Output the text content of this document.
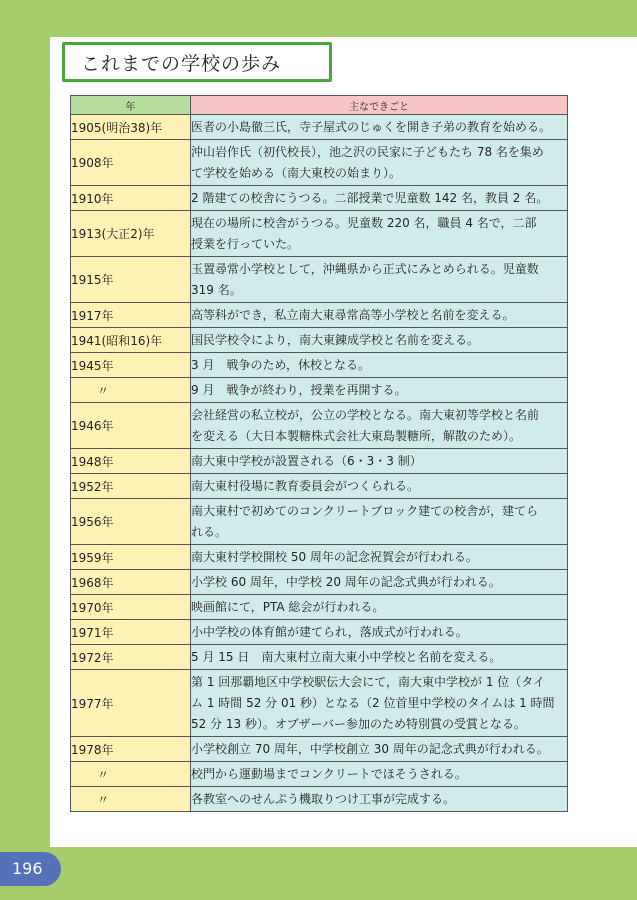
これまでの学校の歩み
年	主なできごと
1905(明治38)年	医者の小島徹三氏，寺子屋式のじゅくを開き子弟の教育を始める。

1908年	沖山岩作氏（初代校長），池之沢の民家に子どもたち 78 名を集め
て学校を始める（南大東校の始まり）。

1910年	2 階建ての校舎にうつる。二部授業で児童数 142 名，教員 2 名。

1913(大正2)年	現在の場所に校舎がうつる。児童数 220 名，職員 4 名で，二部
授業を行っていた。

1915年	玉置尋常小学校として，沖縄県から正式にみとめられる。児童数
319 名。

1917年	高等科ができ，私立南大東尋常高等小学校と名前を変える。

1941(昭和16)年	国民学校令により，南大東錬成学校と名前を変える。

1945年	3 月　戦争のため，休校となる。

〃	9 月　戦争が終わり，授業を再開する。

1946年	会社経営の私立校が，公立の学校となる。南大東初等学校と名前
を変える（大日本製糖株式会社大東島製糖所，解散のため）。

1948年	南大東中学校が設置される（6・3・3 制）

1952年	南大東村役場に教育委員会がつくられる。

1956年	南大東村で初めてのコンクリートブロック建ての校舎が，建てら
れる。

1959年	南大東村学校開校 50 周年の記念祝賀会が行われる。

1968年	小学校 60 周年，中学校 20 周年の記念式典が行われる。

1970年	映画館にて，PTA 総会が行われる。

1971年	小中学校の体育館が建てられ，落成式が行われる。

1972年	5 月 15 日　南大東村立南大東小中学校と名前を変える。

1977年	第 1 回那覇地区中学校駅伝大会にて，南大東中学校が 1 位（タイ
ム 1 時間 52 分 01 秒）となる（2 位首里中学校のタイムは 1 時間
52 分 13 秒）。オブザーバー参加のため特別賞の受賞となる。

1978年	小学校創立 70 周年，中学校創立 30 周年の記念式典が行われる。

〃	校門から運動場までコンクリートでほそうされる。

〃	各教室へのせんぷう機取りつけ工事が完成する。
196
